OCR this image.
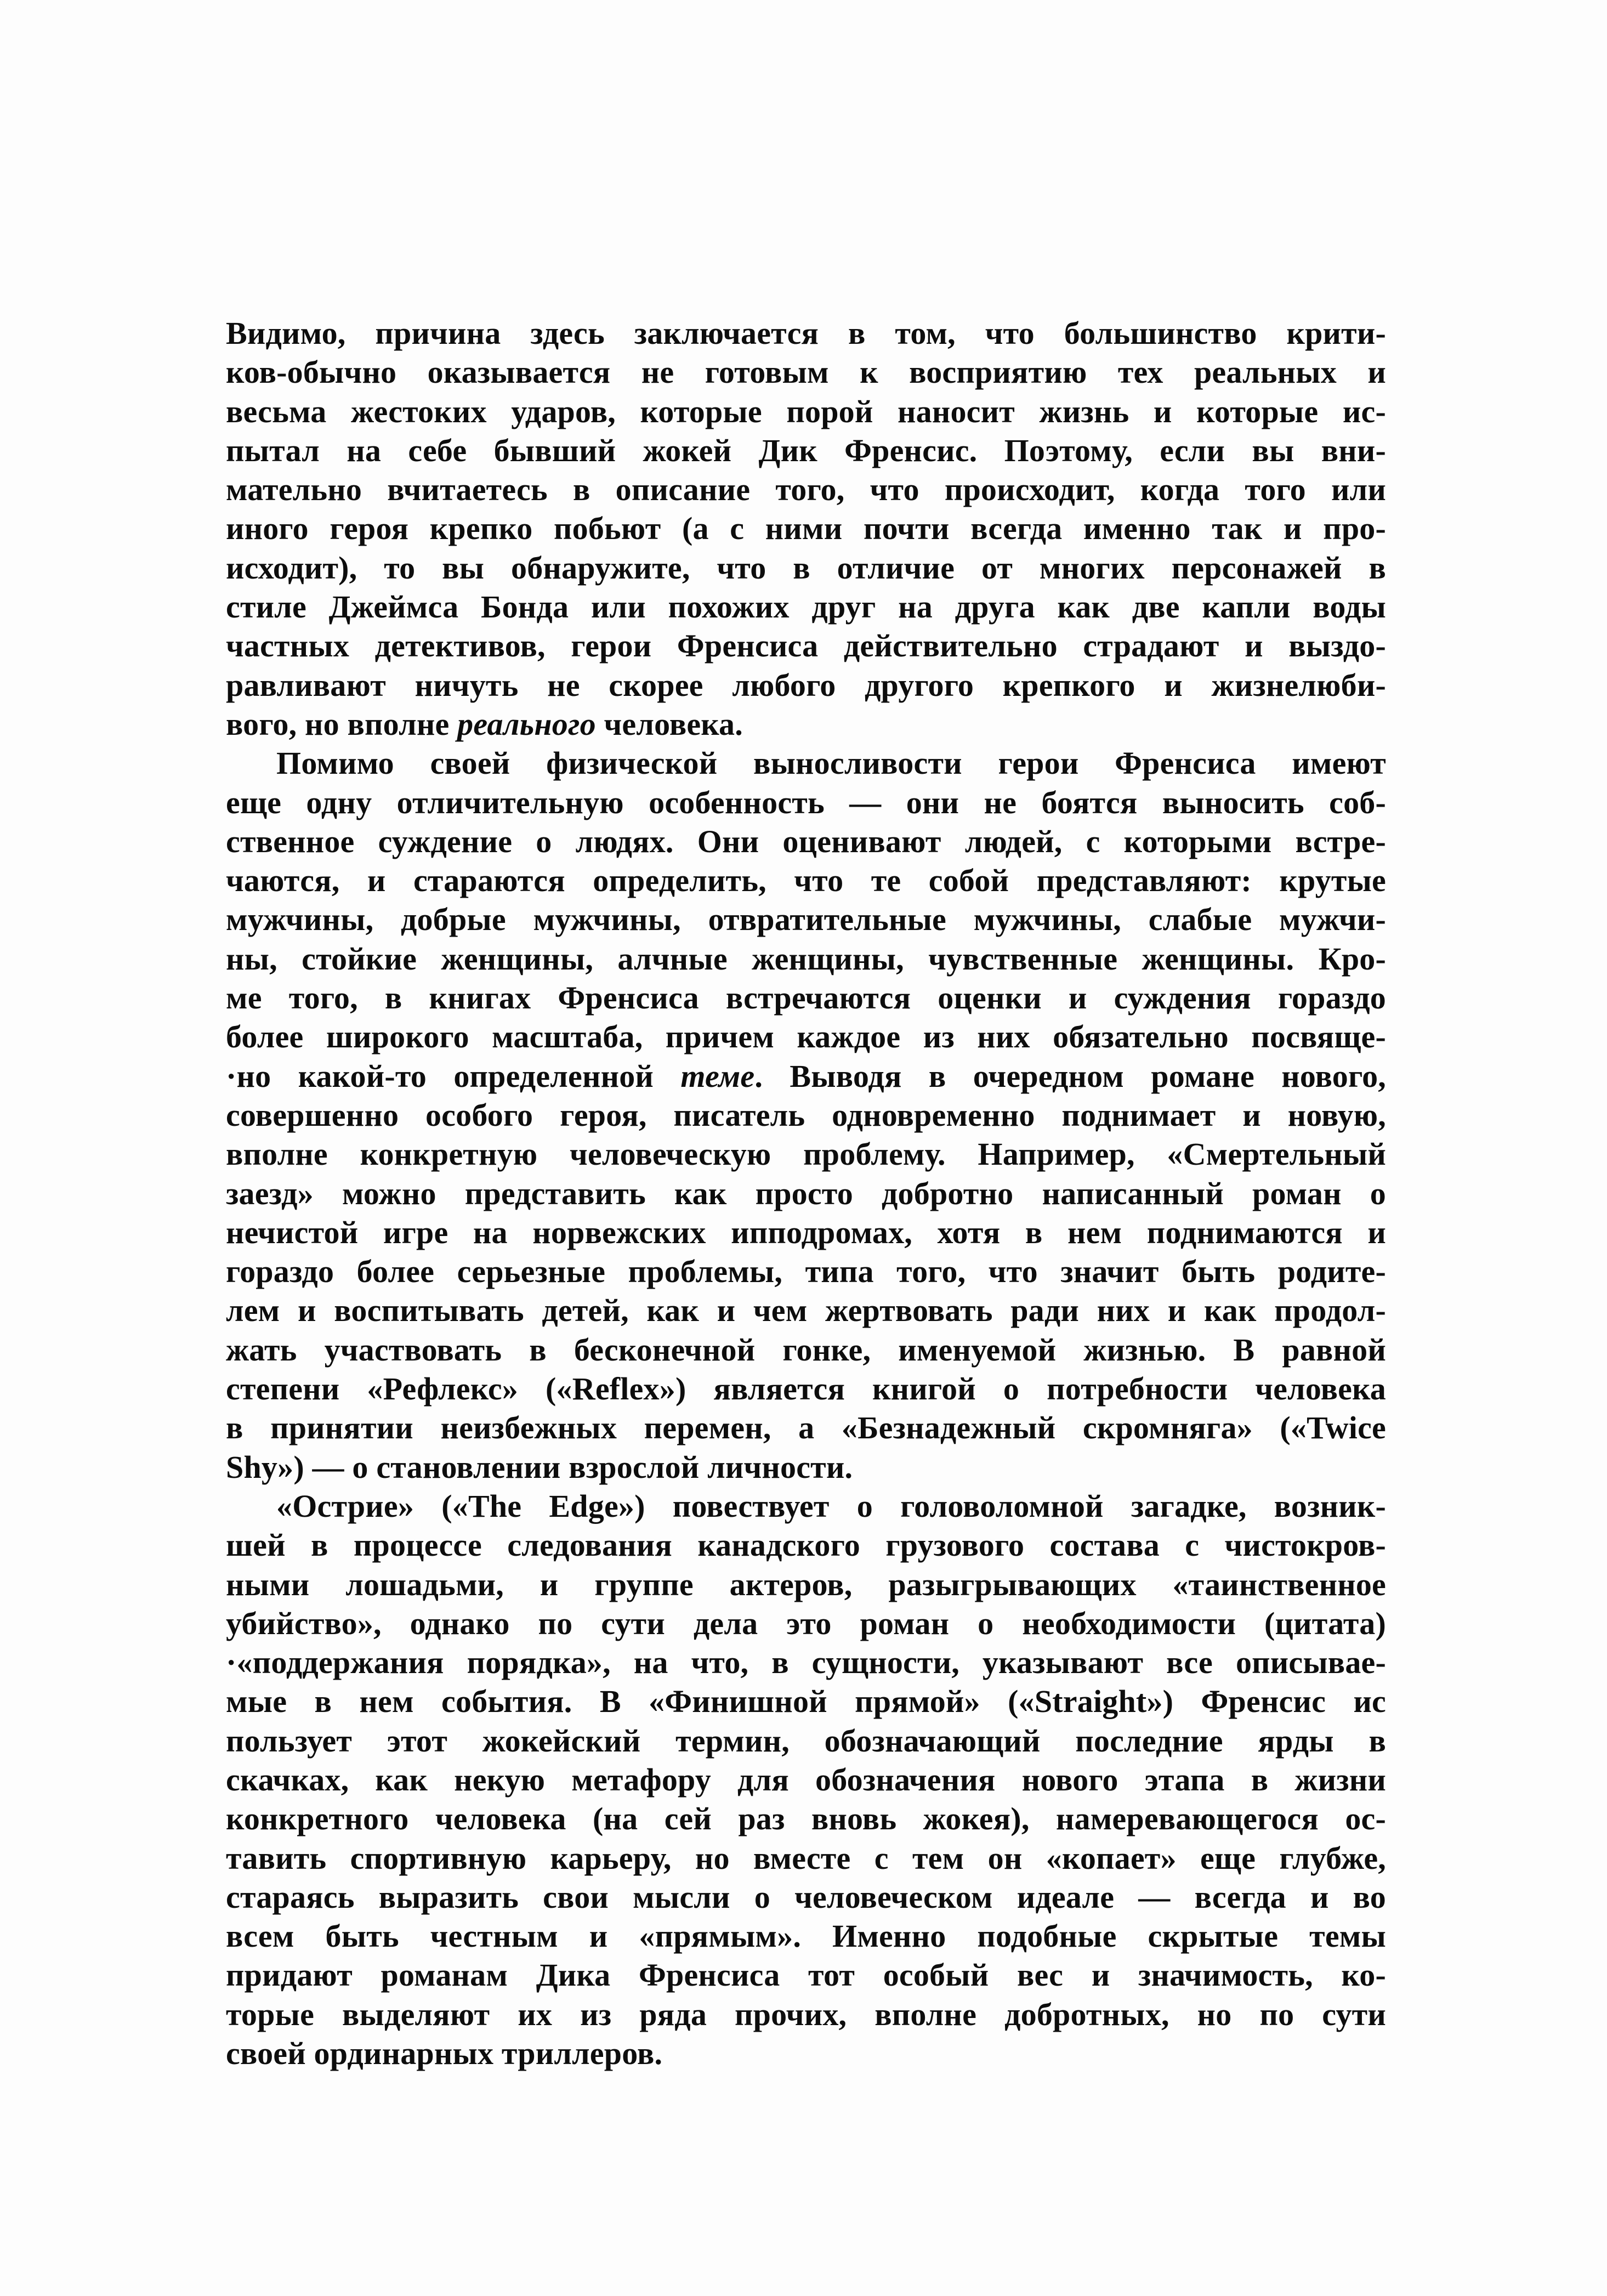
Видимо, причина здесь заключается в том, что большинство крити-
ков-обычно оказывается не готовым к восприятию тех реальных и
весьма жестоких ударов, которые порой наносит жизнь и которые ис-
пытал на себе бывший жокей Дик Френсис. Поэтому, если вы вни-
мательно вчитаетесь в описание того, что происходит, когда того или
иного героя крепко побьют (а с ними почти всегда именно так и про-
исходит), то вы обнаружите, что в отличие от многих персонажей в
стиле Джеймса Бонда или похожих друг на друга как две капли воды
частных детективов, герои Френсиса действительно страдают и выздо-
равливают ничуть не скорее любого другого крепкого и жизнелюби-
вого, но вполне реального человека.
Помимо своей физической выносливости герои Френсиса имеют
еще одну отличительную особенность — они не боятся выносить соб-
ственное суждение о людях. Они оценивают людей, с которыми встре-
чаются, и стараются определить, что те собой представляют: крутые
мужчины, добрые мужчины, отвратительные мужчины, слабые мужчи-
ны, стойкие женщины, алчные женщины, чувственные женщины. Кро-
ме того, в книгах Френсиса встречаются оценки и суждения гораздо
более широкого масштаба, причем каждое из них обязательно посвяще-
·но какой-то определенной теме. Выводя в очередном романе нового,
совершенно особого героя, писатель одновременно поднимает и новую,
вполне конкретную человеческую проблему. Например, «Смертельный
заезд» можно представить как просто добротно написанный роман о
нечистой игре на норвежских ипподромах, хотя в нем поднимаются и
гораздо более серьезные проблемы, типа того, что значит быть родите-
лем и воспитывать детей, как и чем жертвовать ради них и как продол-
жать участвовать в бесконечной гонке, именуемой жизнью. В равной
степени «Рефлекс» («Reflex») является книгой о потребности человека
в принятии неизбежных перемен, а «Безнадежный скромняга» («Twice
Shy») — о становлении взрослой личности.
«Острие» («The Edge») повествует о головоломной загадке, возник-
шей в процессе следования канадского грузового состава с чистокров-
ными лошадьми, и группе актеров, разыгрывающих «таинственное
убийство», однако по сути дела это роман о необходимости (цитата)
·«поддержания порядка», на что, в сущности, указывают все описывае-
мые в нем события. В «Финишной прямой» («Straight») Френсис ис
пользует этот жокейский термин, обозначающий последние ярды в
скачках, как некую метафору для обозначения нового этапа в жизни
конкретного человека (на сей раз вновь жокея), намеревающегося ос-
тавить спортивную карьеру, но вместе с тем он «копает» еще глубже,
стараясь выразить свои мысли о человеческом идеале — всегда и во
всем быть честным и «прямым». Именно подобные скрытые темы
придают романам Дика Френсиса тот особый вес и значимость, ко-
торые выделяют их из ряда прочих, вполне добротных, но по сути
своей ординарных триллеров.
